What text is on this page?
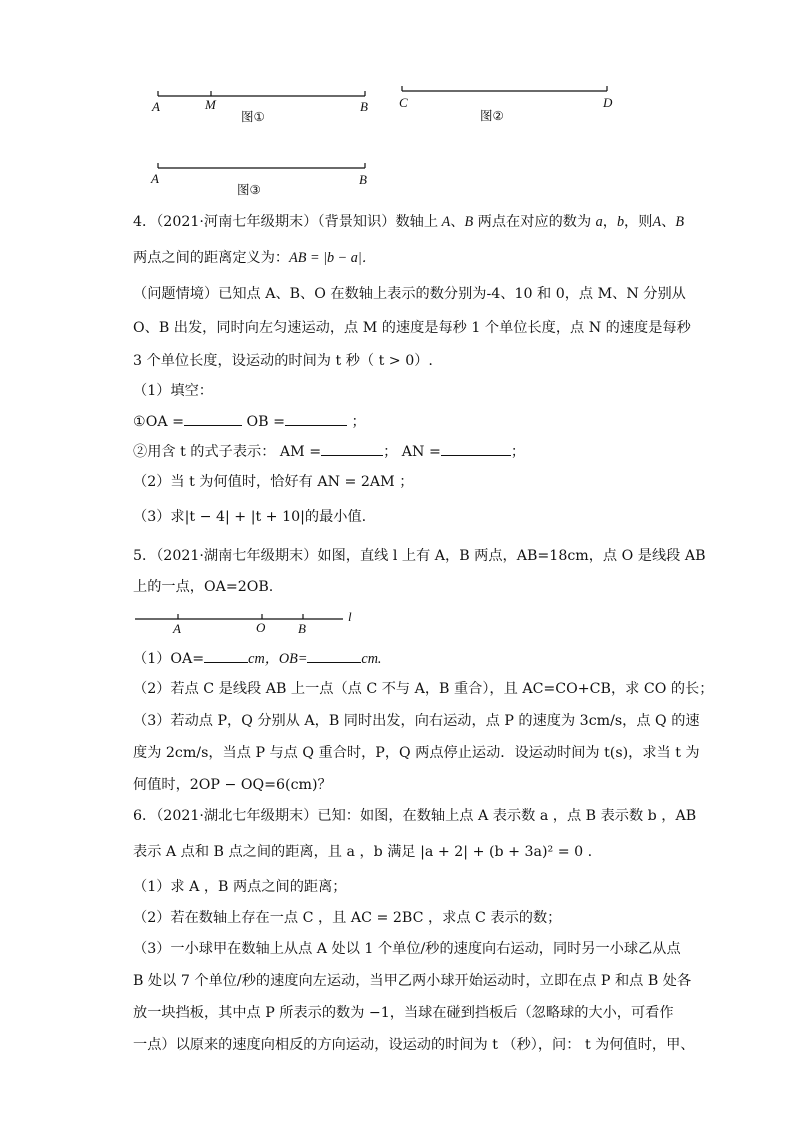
A	M	B
图①
C	D
图②
A	B
图③
4．（2021·河南七年级期末）（背景知识）数轴上 A、B 两点在对应的数为 a，b，则A、B
两点之间的距离定义为：AB = |b − a|．
（问题情境）已知点 A、B、O 在数轴上表示的数分别为-4、10 和 0，点 M、N 分别从
O、B 出发，同时向左匀速运动，点 M 的速度是每秒 1 个单位长度，点 N 的速度是每秒
3 个单位长度，设运动的时间为 t 秒（ t > 0）.
（1）填空：
①OA =	OB =	；
②用含 t 的式子表示： AM =	； AN =	；
（2）当 t 为何值时，恰好有 AN = 2AM ；
（3）求|t − 4| + |t + 10|的最小值.
5．（2021·湖南七年级期末）如图，直线 l 上有 A，B 两点，AB=18cm，点 O 是线段 AB
上的一点，OA=2OB.
A	O	B
l
（1）OA=	cm，OB=	cm.
（2）若点 C 是线段 AB 上一点（点 C 不与 A，B 重合），且 AC=CO+CB，求 CO 的长；
（3）若动点 P，Q 分别从 A，B 同时出发，向右运动，点 P 的速度为 3cm/s，点 Q 的速
度为 2cm/s，当点 P 与点 Q 重合时，P，Q 两点停止运动．设运动时间为 t(s)，求当 t 为
何值时，2OP − OQ=6(cm)？
6．（2021·湖北七年级期末）已知：如图，在数轴上点 A 表示数 a ，点 B 表示数 b ，AB
表示 A 点和 B 点之间的距离，且 a ，b 满足 |a + 2| + (b + 3a)² = 0 .
（1）求 A ，B 两点之间的距离；
（2）若在数轴上存在一点 C ，且 AC = 2BC ，求点 C 表示的数；
（3）一小球甲在数轴上从点 A 处以 1 个单位/秒的速度向右运动，同时另一小球乙从点
B 处以 7 个单位/秒的速度向左运动，当甲乙两小球开始运动时，立即在点 P 和点 B 处各
放一块挡板，其中点 P 所表示的数为 −1，当球在碰到挡板后（忽略球的大小，可看作
一点）以原来的速度向相反的方向运动，设运动的时间为 t （秒），问： t 为何值时，甲、
